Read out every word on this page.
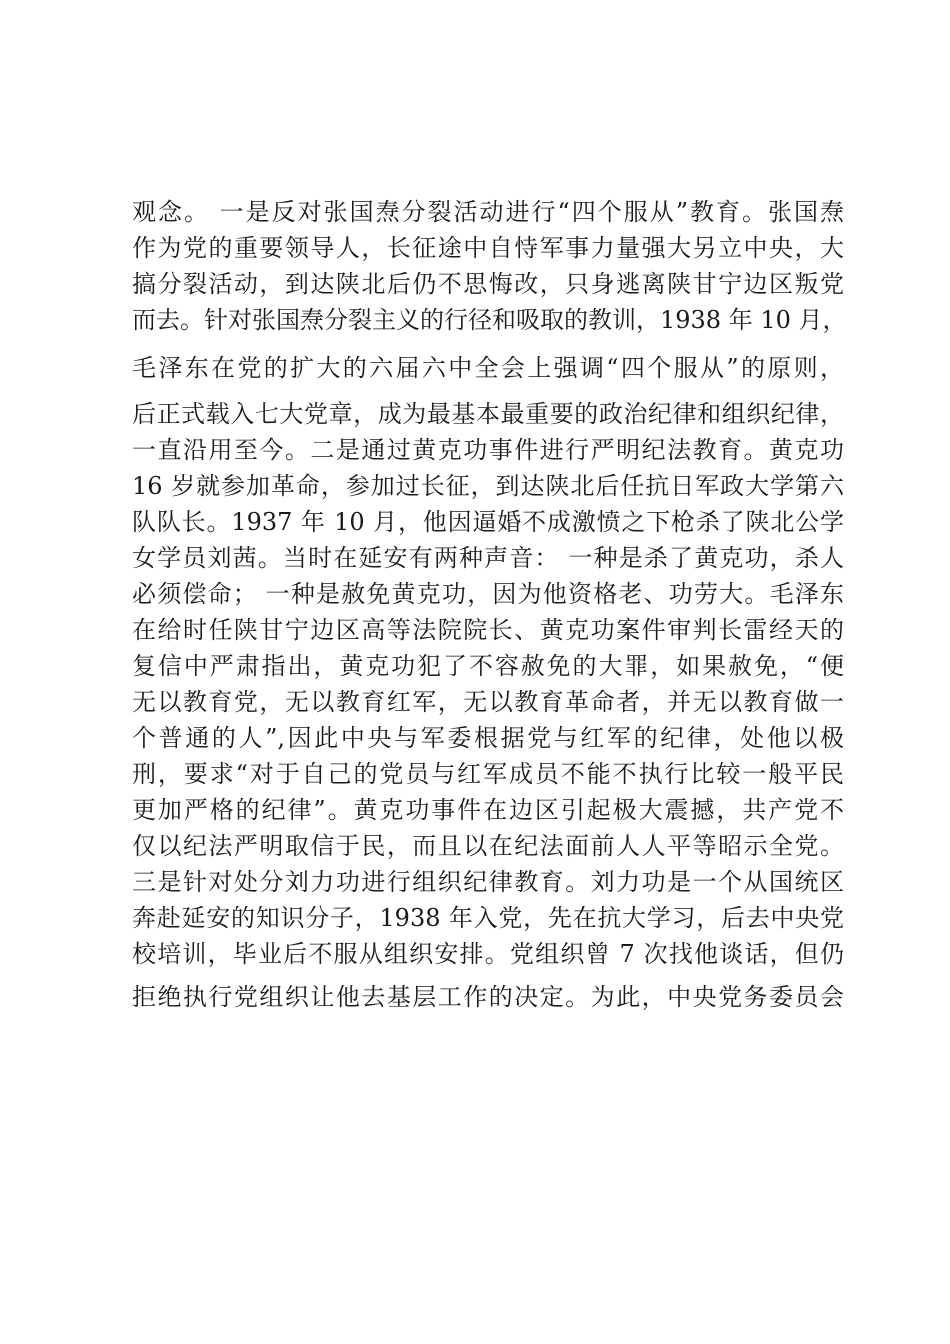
观念。 一是反对张国焘分裂活动进行“四个服从”教育。张国焘
作为党的重要领导人，长征途中自恃军事力量强大另立中央，大
搞分裂活动，到达陕北后仍不思悔改，只身逃离陕甘宁边区叛党
而去。针对张国焘分裂主义的行径和吸取的教训，1938 年 10 月，
毛泽东在党的扩大的六届六中全会上强调“四个服从”的原则，
后正式载入七大党章，成为最基本最重要的政治纪律和组织纪律，
一直沿用至今。二是通过黄克功事件进行严明纪法教育。黄克功
16 岁就参加革命，参加过长征，到达陕北后任抗日军政大学第六
队队长。1937 年 10 月，他因逼婚不成激愤之下枪杀了陕北公学
女学员刘茜。当时在延安有两种声音： 一种是杀了黄克功，杀人
必须偿命； 一种是赦免黄克功，因为他资格老、功劳大。毛泽东
在给时任陕甘宁边区高等法院院长、黄克功案件审判长雷经天的
复信中严肃指出，黄克功犯了不容赦免的大罪，如果赦免，“便
无以教育党，无以教育红军，无以教育革命者，并无以教育做一
个普通的人”,因此中央与军委根据党与红军的纪律，处他以极
刑，要求“对于自己的党员与红军成员不能不执行比较一般平民
更加严格的纪律”。黄克功事件在边区引起极大震撼，共产党不
仅以纪法严明取信于民，而且以在纪法面前人人平等昭示全党。
三是针对处分刘力功进行组织纪律教育。刘力功是一个从国统区
奔赴延安的知识分子，1938 年入党，先在抗大学习，后去中央党
校培训，毕业后不服从组织安排。党组织曾 7 次找他谈话，但仍
拒绝执行党组织让他去基层工作的决定。为此，中央党务委员会
